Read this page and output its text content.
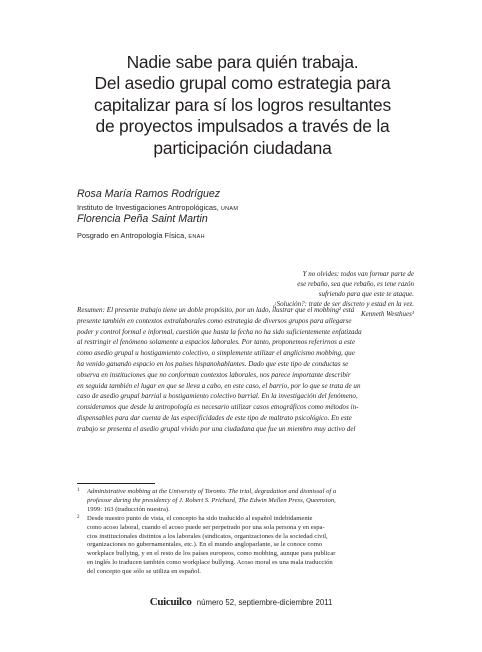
Nadie sabe para quién trabaja.
Del asedio grupal como estrategia para
capitalizar para sí los logros resultantes
de proyectos impulsados a través de la
participación ciudadana
Rosa María Ramos Rodríguez
Instituto de Investigaciones Antropológicas, UNAM
Florencia Peña Saint Martin
Posgrado en Antropología Física, ENAH
Y no olvides: todos van formar parte de
ese rebaño, sea que rebaño, es tene razón
sufriendo para que este te ataque.
¿Solución?: trate de ser discreto y estad en la vez.
Kenneth Westhues¹
Resumen: El presente trabajo tiene un doble propósito, por un lado, ilustrar que el mobbing² está
presente también en contextos extralaborales como estrategia de diversos grupos para allegarse
poder y control formal e informal, cuestión que hasta la fecha no ha sido suficientemente enfatizada
al restringir el fenómeno solamente a espacios laborales. Por tanto, proponemos referirnos a este
como asedio grupal u hostigamiento colectivo, o simplemente utilizar el anglicismo mobbing, que
ha venido ganando espacio en los países hispanohablantes. Dado que este tipo de conductas se
observa en instituciones que no conforman contextos laborales, nos parece importante describir
en seguida también el lugar en que se lleva a cabo, en este caso, el barrio, por lo que se trata de un
caso de asedio grupal barrial u hostigamiento colectivo barrial. En la investigación del fenómeno,
consideramos que desde la antropología es necesario utilizar casos etnográficos como métodos in-
dispensables para dar cuenta de las especificidades de este tipo de maltrato psicológico. En este
trabajo se presenta el asedio grupal vivido por una ciudadana que fue un miembro muy activo del
1 Administrative mobbing at the University of Toronto. The trial, degradation and dismissal of a
professor during the presidency of J. Robert S. Prichard, The Edwin Mellen Press, Queenston,
1999: 163 (traducción nuestra).
2 Desde nuestro punto de vista, el concepto ha sido traducido al español indebidamente
como acoso laboral, cuando el acoso puede ser perpetrado por una sola persona y en espa-
cios institucionales distintos a los laborales (sindicatos, organizaciones de la sociedad civil,
organizaciones no gubernamentales, etc.). En el mundo angloparlante, se le conoce como
workplace bullying, y en el resto de los países europeos, como mobbing, aunque para publicar
en inglés lo traducen también como workplace bullying. Acoso moral es una mala traducción
del concepto que sólo se utiliza en español.
Cuicuilco número 52, septiembre-diciembre 2011
